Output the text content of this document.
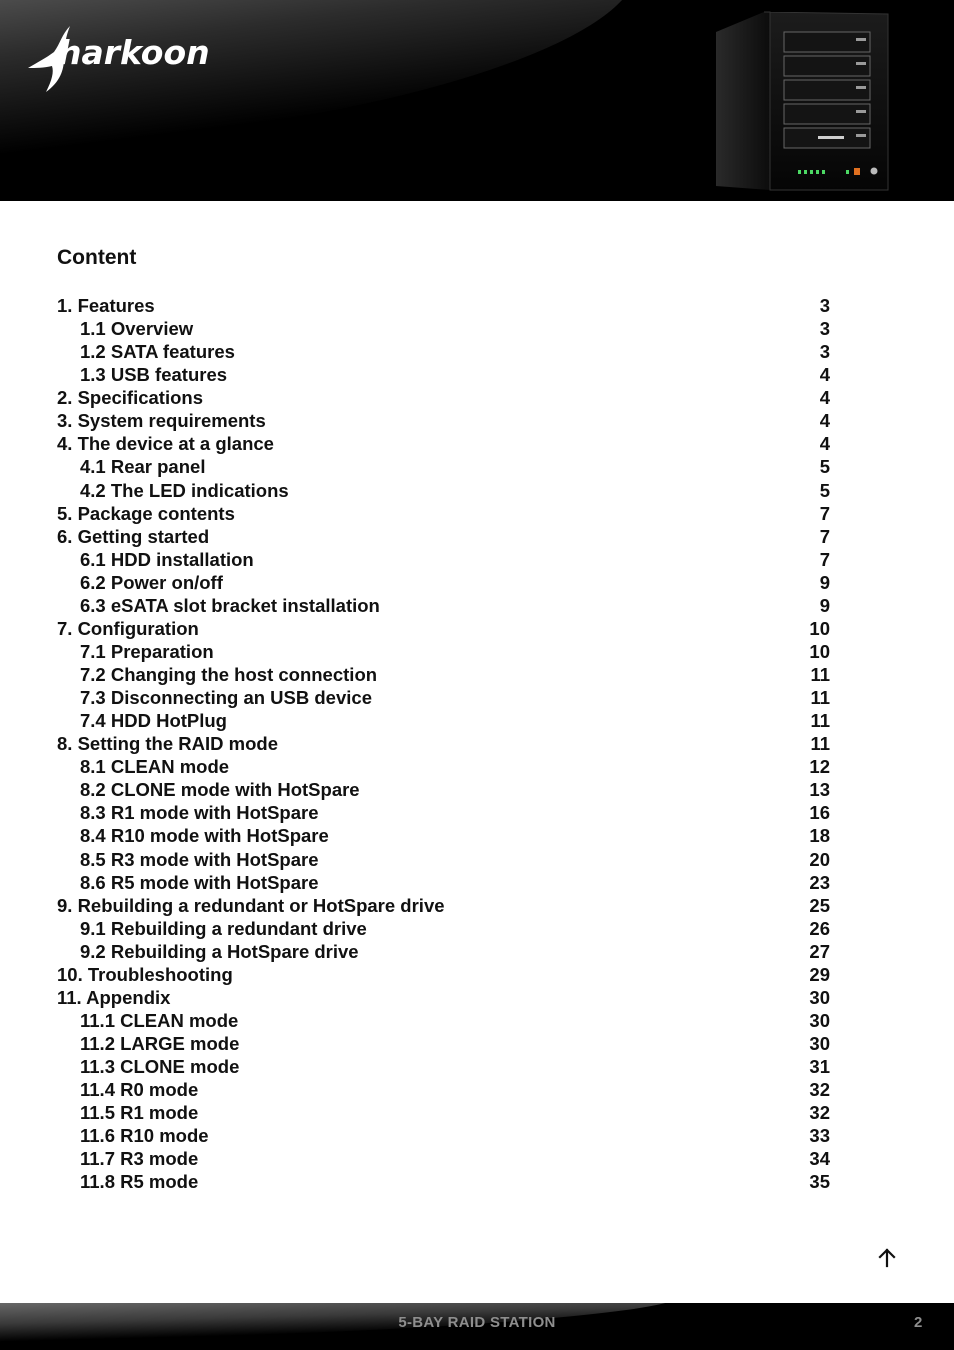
harkoon
Content
1. Features	3
1.1 Overview	3
1.2 SATA features	3
1.3 USB features	4
2. Specifications	4
3. System requirements	4
4. The device at a glance	4
4.1 Rear panel	5
4.2 The LED indications	5
5. Package contents	7
6. Getting started	7
6.1 HDD installation	7
6.2 Power on/off	9
6.3 eSATA slot bracket installation	9
7. Configuration	10
7.1 Preparation	10
7.2 Changing the host connection	11
7.3 Disconnecting an USB device	11
7.4 HDD HotPlug	11
8. Setting the RAID mode	11
8.1 CLEAN mode	12
8.2 CLONE mode with HotSpare	13
8.3 R1 mode with HotSpare	16
8.4 R10 mode with HotSpare	18
8.5 R3 mode with HotSpare	20
8.6 R5 mode with HotSpare	23
9. Rebuilding a redundant or HotSpare drive	25
9.1 Rebuilding a redundant drive	26
9.2 Rebuilding a HotSpare drive	27
10. Troubleshooting	29
11. Appendix	30
11.1 CLEAN mode	30
11.2 LARGE mode	30
11.3 CLONE mode	31
11.4 R0 mode	32
11.5 R1 mode	32
11.6 R10 mode	33
11.7 R3 mode	34
11.8 R5 mode	35
5-BAY RAID STATION	2
